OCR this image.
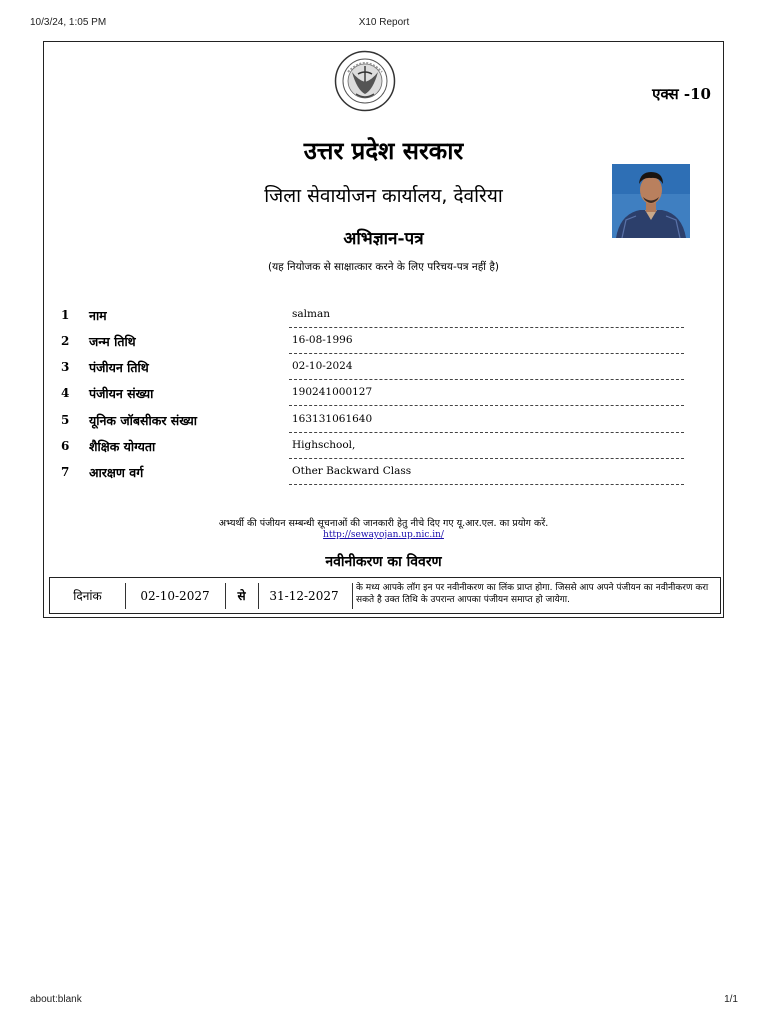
10/3/24, 1:05 PM	X10 Report
about:blank	1/1
एक्स -10
उत्तर प्रदेश सरकार
जिला सेवायोजन कार्यालय, देवरिया
अभिज्ञान-पत्र
(यह नियोजक से साक्षात्कार करने के लिए परिचय-पत्र नहीं है)
1 नाम	salman
2 जन्म तिथि	16-08-1996
3 पंजीयन तिथि	02-10-2024
4 पंजीयन संख्या	190241000127
5 यूनिक जॉबसीकर संख्या	163131061640
6 शैक्षिक योग्यता	Highschool,
7 आरक्षण वर्ग	Other Backward Class
अभ्यर्थी की पंजीयन सम्बन्धी सूचनाओं की जानकारी हेतु नीचे दिए गए यू.आर.एल. का प्रयोग करें.
http://sewayojan.up.nic.in/
नवीनीकरण का विवरण
दिनांक	02-10-2027	से	31-12-2027
के मध्य आपके लॉग इन पर नवीनीकरण का लिंक प्राप्त होगा. जिससे आप अपने पंजीयन का नवीनीकरण करा सकते है उक्त तिथि के उपरान्त आपका पंजीयन समाप्त हो जायेगा.
